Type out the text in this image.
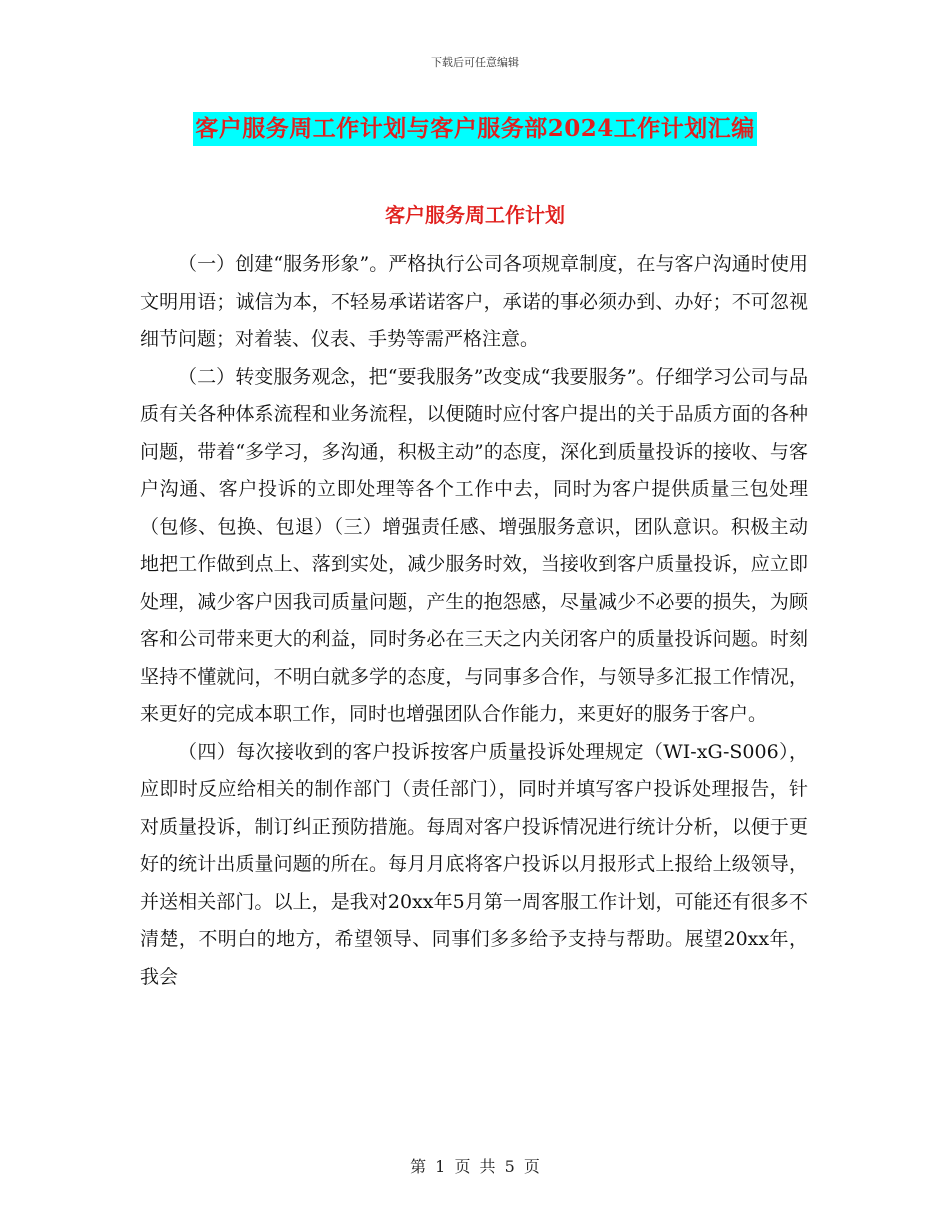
下载后可任意编辑
客户服务周工作计划与客户服务部2024工作计划汇编
客户服务周工作计划

（一）创建“服务形象”。严格执行公司各项规章制度，在与客户沟通时使用文明用语；诚信为本，不轻易承诺诺客户，承诺的事必须办到、办好；不可忽视细节问题；对着装、仪表、手势等需严格注意。

（二）转变服务观念，把“要我服务”改变成“我要服务”。仔细学习公司与品质有关各种体系流程和业务流程，以便随时应付客户提出的关于品质方面的各种问题，带着“多学习，多沟通，积极主动”的态度，深化到质量投诉的接收、与客户沟通、客户投诉的立即处理等各个工作中去，同时为客户提供质量三包处理（包修、包换、包退）（三）增强责任感、增强服务意识，团队意识。积极主动地把工作做到点上、落到实处，减少服务时效，当接收到客户质量投诉，应立即处理，减少客户因我司质量问题，产生的抱怨感，尽量减少不必要的损失，为顾客和公司带来更大的利益，同时务必在三天之内关闭客户的质量投诉问题。时刻坚持不懂就问，不明白就多学的态度，与同事多合作，与领导多汇报工作情况，来更好的完成本职工作，同时也增强团队合作能力，来更好的服务于客户。

（四）每次接收到的客户投诉按客户质量投诉处理规定（WI-xG-S006），应即时反应给相关的制作部门（责任部门），同时并填写客户投诉处理报告，针对质量投诉，制订纠正预防措施。每周对客户投诉情况进行统计分析，以便于更好的统计出质量问题的所在。每月月底将客户投诉以月报形式上报给上级领导，并送相关部门。以上，是我对20xx年5月第一周客服工作计划，可能还有很多不清楚，不明白的地方，希望领导、同事们多多给予支持与帮助。展望20xx年，我会

第 1 页 共 5 页
